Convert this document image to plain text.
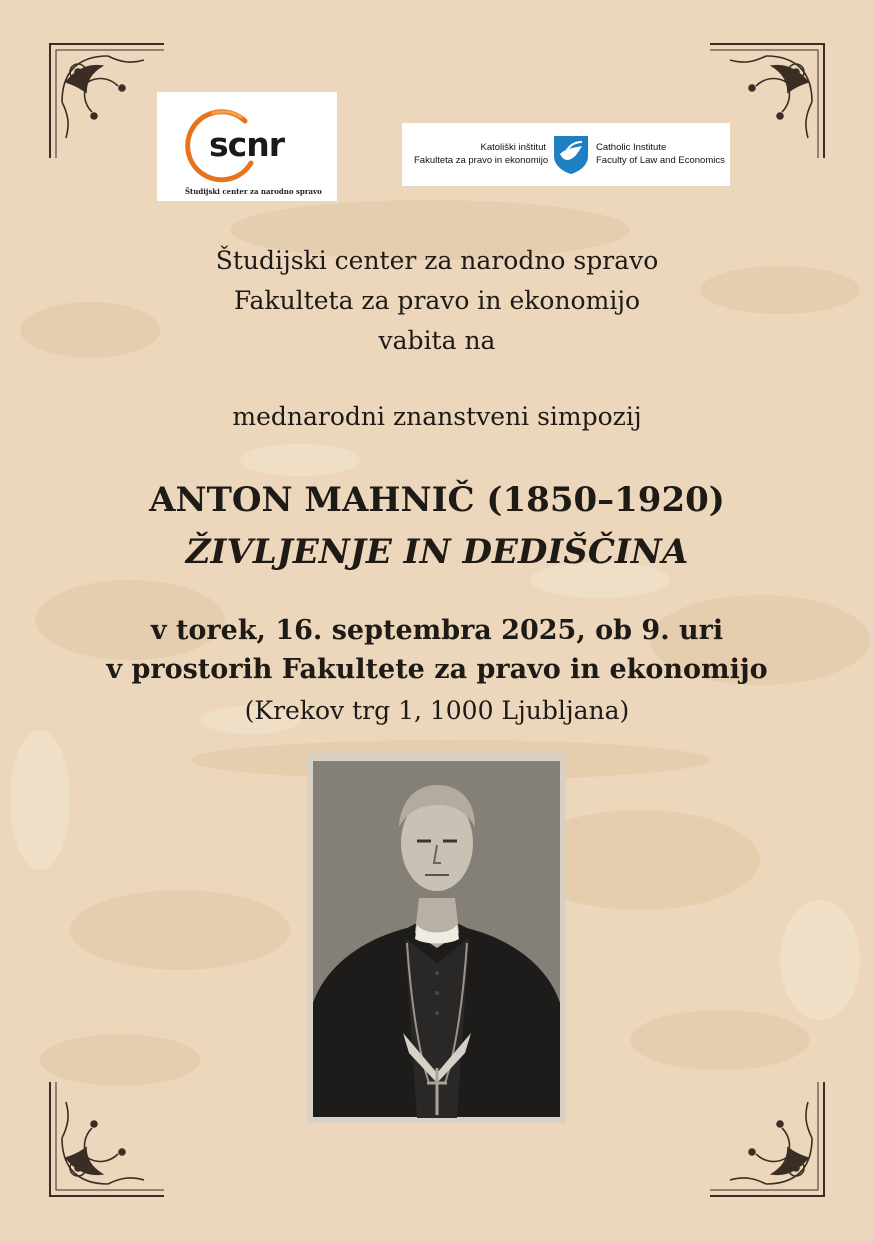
scnr
Študijski center za narodno spravo
Katoliški inštitut
Fakulteta za pravo in ekonomijo
Catholic Institute
Faculty of Law and Economics
Študijski center za narodno spravo
Fakulteta za pravo in ekonomijo
vabita na
mednarodni znanstveni simpozij
ANTON MAHNIČ (1850–1920)
ŽIVLJENJE IN DEDIŠČINA
v torek, 16. septembra 2025, ob 9. uri
v prostorih Fakultete za pravo in ekonomijo
(Krekov trg 1, 1000 Ljubljana)
